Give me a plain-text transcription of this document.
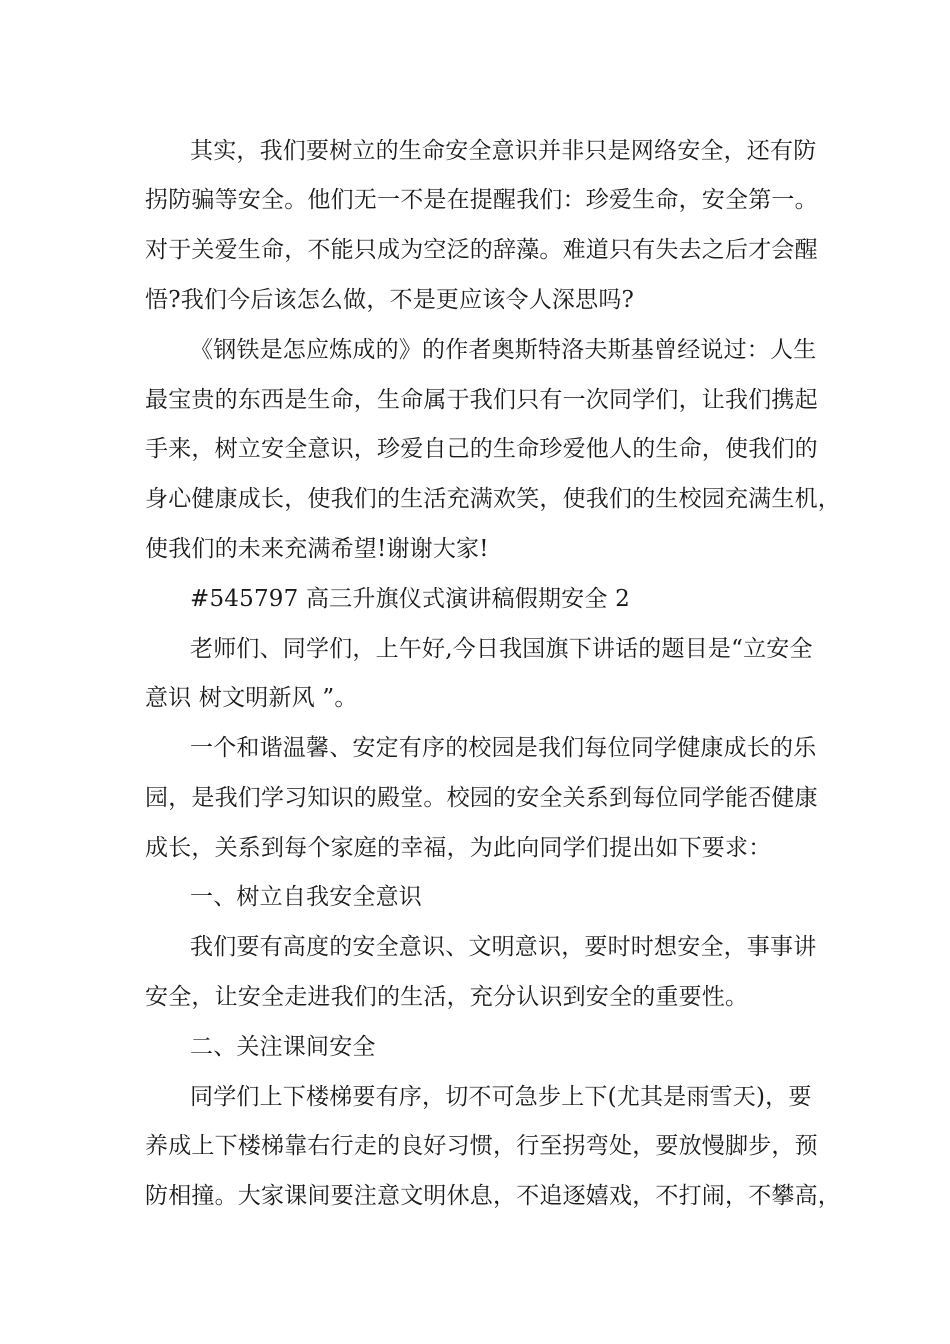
其实，我们要树立的生命安全意识并非只是网络安全，还有防
拐防骗等安全。他们无一不是在提醒我们：珍爱生命，安全第一。
对于关爱生命，不能只成为空泛的辞藻。难道只有失去之后才会醒
悟?我们今后该怎么做，不是更应该令人深思吗?
《钢铁是怎应炼成的》的作者奥斯特洛夫斯基曾经说过：人生
最宝贵的东西是生命，生命属于我们只有一次同学们，让我们携起
手来，树立安全意识，珍爱自己的生命珍爱他人的生命，使我们的
身心健康成长，使我们的生活充满欢笑，使我们的生校园充满生机，
使我们的未来充满希望!谢谢大家!
#545797 高三升旗仪式演讲稿假期安全 2
老师们、同学们，上午好,今日我国旗下讲话的题目是“立安全
意识 树文明新风 ”。
一个和谐温馨、安定有序的校园是我们每位同学健康成长的乐
园，是我们学习知识的殿堂。校园的安全关系到每位同学能否健康
成长，关系到每个家庭的幸福，为此向同学们提出如下要求：
一、树立自我安全意识
我们要有高度的安全意识、文明意识，要时时想安全，事事讲
安全，让安全走进我们的生活，充分认识到安全的重要性。
二、关注课间安全
同学们上下楼梯要有序，切不可急步上下(尤其是雨雪天)，要
养成上下楼梯靠右行走的良好习惯，行至拐弯处，要放慢脚步，预
防相撞。大家课间要注意文明休息，不追逐嬉戏，不打闹，不攀高，
